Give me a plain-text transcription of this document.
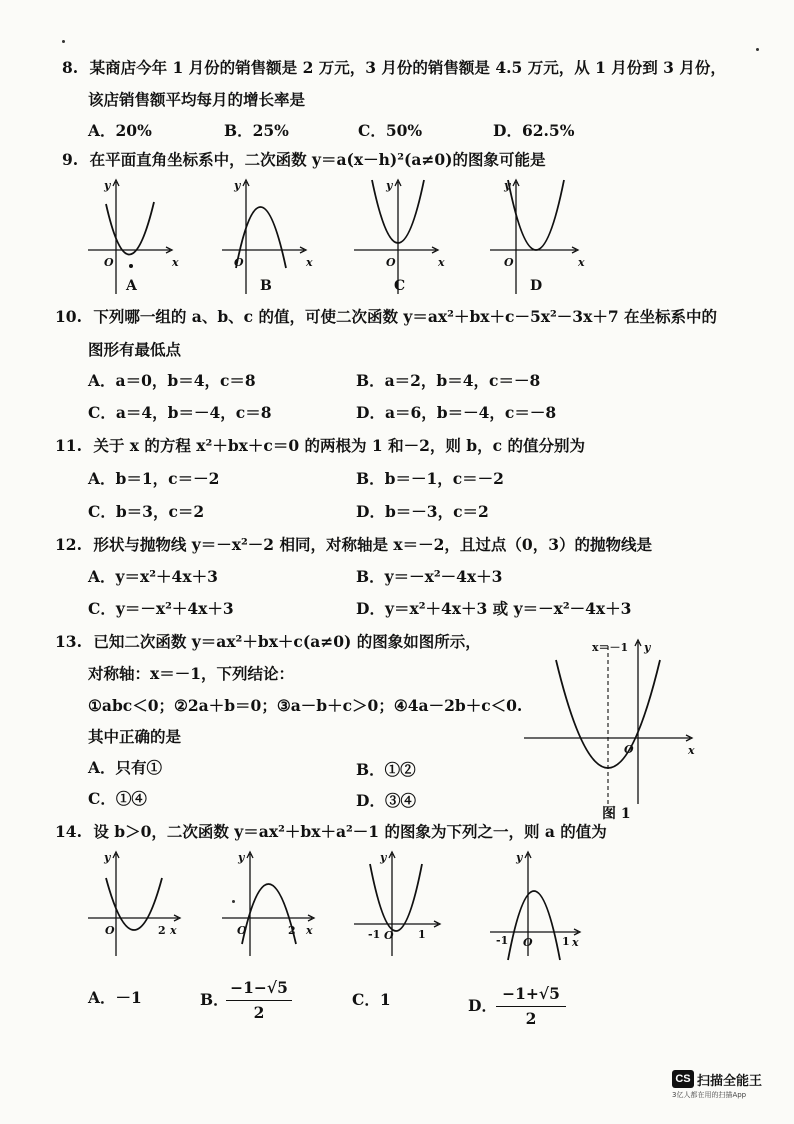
8. 某商店今年 1 月份的销售额是 2 万元，3 月份的销售额是 4.5 万元，从 1 月份到 3 月份，
该店销售额平均每月的增长率是
A．20%	B．25%	C．50%	D．62.5%
9. 在平面直角坐标系中，二次函数 y＝a(x－h)²(a≠0)的图象可能是
y
x
O
A
y
x
O
B
y
x
O
C
y
x
O
D
10. 下列哪一组的 a、b、c 的值，可使二次函数 y＝ax²＋bx＋c－5x²－3x＋7 在坐标系中的
图形有最低点
A．a＝0，b＝4，c＝8	B．a＝2，b＝4，c＝－8
C．a＝4，b＝－4，c＝8	D．a＝6，b＝－4，c＝－8
11. 关于 x 的方程 x²＋bx＋c＝0 的两根为 1 和－2，则 b，c 的值分别为
A．b＝1，c＝－2	B．b＝－1，c＝－2
C．b＝3，c＝2	D．b＝－3，c＝2
12. 形状与抛物线 y＝－x²－2 相同，对称轴是 x＝－2，且过点（0，3）的抛物线是
A．y＝x²＋4x＋3	B．y＝－x²－4x＋3
C．y＝－x²＋4x＋3	D．y＝x²＋4x＋3 或 y＝－x²－4x＋3
13. 已知二次函数 y＝ax²＋bx＋c(a≠0) 的图象如图所示，
对称轴：x＝－1，下列结论：
①abc＜0；②2a＋b＝0；③a－b＋c＞0；④4a－2b＋c＜0.
其中正确的是
A．只有①	B．①②
C．①④	D．③④
x＝－1 y
x
O
图 1
14. 设 b＞0，二次函数 y＝ax²＋bx＋a²－1 的图象为下列之一，则 a 的值为
y
O	2 x
y
O	2 x
y
-1 O 1
y
-1 O	1 x
A．－1	B．
−1−√5
2
C．1	D．
−1+√5
2
CS 扫描全能王
3亿人都在用的扫描App
